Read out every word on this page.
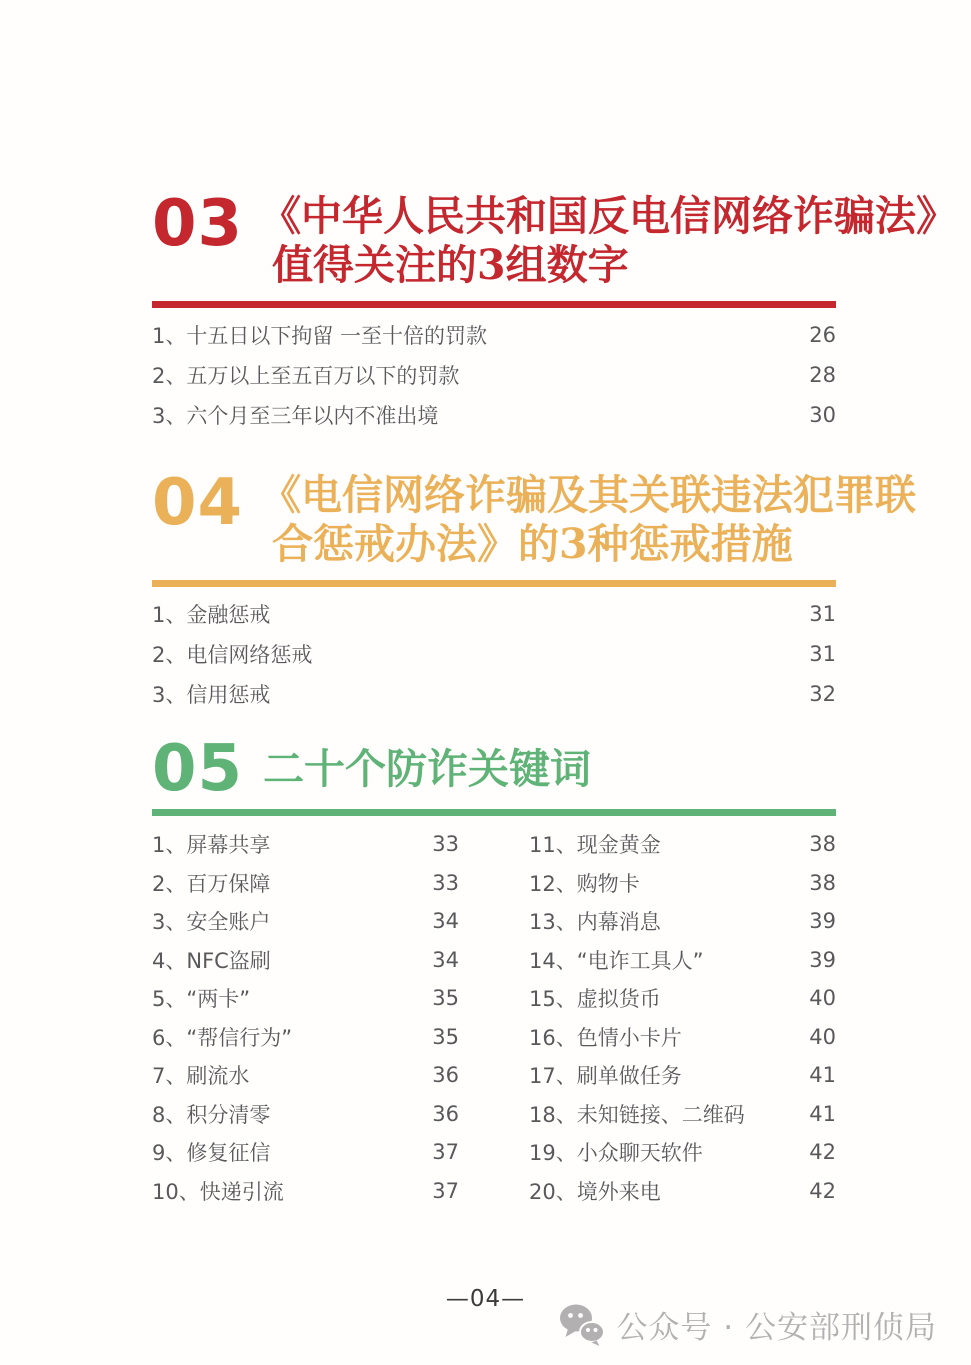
03 《中华人民共和国反电信网络诈骗法》
值得关注的3组数字
1、十五日以下拘留 一至十倍的罚款	26
2、五万以上至五百万以下的罚款	28
3、六个月至三年以内不准出境	30
04 《电信网络诈骗及其关联违法犯罪联
合惩戒办法》的3种惩戒措施
1、金融惩戒	31
2、电信网络惩戒	31
3、信用惩戒	32
05 二十个防诈关键词
1、屏幕共享	33
2、百万保障	33
3、安全账户	34
4、NFC盗刷	34
5、“两卡”	35
6、“帮信行为”	35
7、刷流水	36
8、积分清零	36
9、修复征信	37
10、快递引流	37
11、现金黄金	38
12、购物卡	38
13、内幕消息	39
14、“电诈工具人”	39
15、虚拟货币	40
16、色情小卡片	40
17、刷单做任务	41
18、未知链接、二维码	41
19、小众聊天软件	42
20、境外来电	42
—04—
公众号 · 公安部刑侦局
